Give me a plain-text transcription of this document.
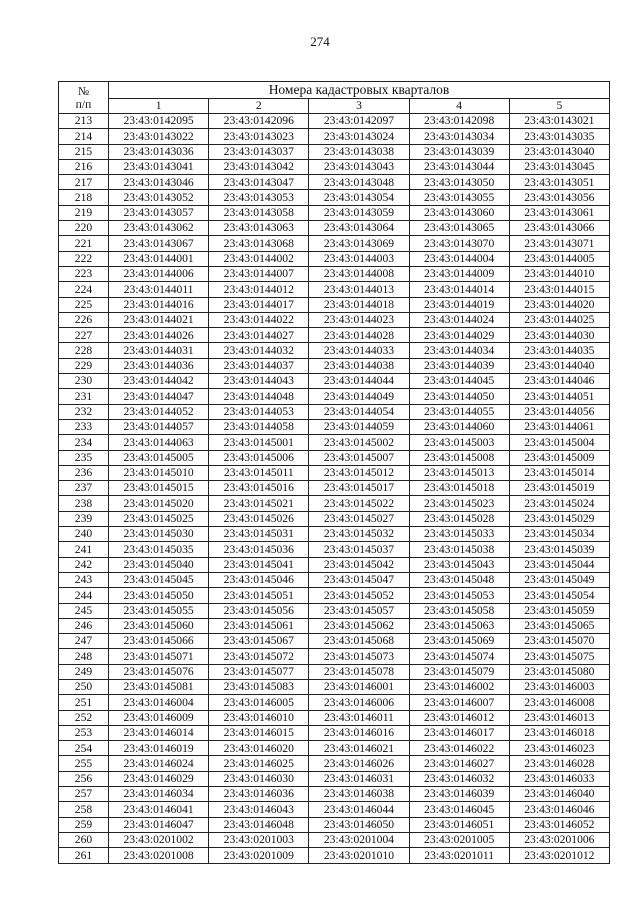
274
№
п/п	Номера кадастровых кварталов				
	1	2	3	4	5
213	23:43:0142095	23:43:0142096	23:43:0142097	23:43:0142098	23:43:0143021
214	23:43:0143022	23:43:0143023	23:43:0143024	23:43:0143034	23:43:0143035
215	23:43:0143036	23:43:0143037	23:43:0143038	23:43:0143039	23:43:0143040
216	23:43:0143041	23:43:0143042	23:43:0143043	23:43:0143044	23:43:0143045
217	23:43:0143046	23:43:0143047	23:43:0143048	23:43:0143050	23:43:0143051
218	23:43:0143052	23:43:0143053	23:43:0143054	23:43:0143055	23:43:0143056
219	23:43:0143057	23:43:0143058	23:43:0143059	23:43:0143060	23:43:0143061
220	23:43:0143062	23:43:0143063	23:43:0143064	23:43:0143065	23:43:0143066
221	23:43:0143067	23:43:0143068	23:43:0143069	23:43:0143070	23:43:0143071
222	23:43:0144001	23:43:0144002	23:43:0144003	23:43:0144004	23:43:0144005
223	23:43:0144006	23:43:0144007	23:43:0144008	23:43:0144009	23:43:0144010
224	23:43:0144011	23:43:0144012	23:43:0144013	23:43:0144014	23:43:0144015
225	23:43:0144016	23:43:0144017	23:43:0144018	23:43:0144019	23:43:0144020
226	23:43:0144021	23:43:0144022	23:43:0144023	23:43:0144024	23:43:0144025
227	23:43:0144026	23:43:0144027	23:43:0144028	23:43:0144029	23:43:0144030
228	23:43:0144031	23:43:0144032	23:43:0144033	23:43:0144034	23:43:0144035
229	23:43:0144036	23:43:0144037	23:43:0144038	23:43:0144039	23:43:0144040
230	23:43:0144042	23:43:0144043	23:43:0144044	23:43:0144045	23:43:0144046
231	23:43:0144047	23:43:0144048	23:43:0144049	23:43:0144050	23:43:0144051
232	23:43:0144052	23:43:0144053	23:43:0144054	23:43:0144055	23:43:0144056
233	23:43:0144057	23:43:0144058	23:43:0144059	23:43:0144060	23:43:0144061
234	23:43:0144063	23:43:0145001	23:43:0145002	23:43:0145003	23:43:0145004
235	23:43:0145005	23:43:0145006	23:43:0145007	23:43:0145008	23:43:0145009
236	23:43:0145010	23:43:0145011	23:43:0145012	23:43:0145013	23:43:0145014
237	23:43:0145015	23:43:0145016	23:43:0145017	23:43:0145018	23:43:0145019
238	23:43:0145020	23:43:0145021	23:43:0145022	23:43:0145023	23:43:0145024
239	23:43:0145025	23:43:0145026	23:43:0145027	23:43:0145028	23:43:0145029
240	23:43:0145030	23:43:0145031	23:43:0145032	23:43:0145033	23:43:0145034
241	23:43:0145035	23:43:0145036	23:43:0145037	23:43:0145038	23:43:0145039
242	23:43:0145040	23:43:0145041	23:43:0145042	23:43:0145043	23:43:0145044
243	23:43:0145045	23:43:0145046	23:43:0145047	23:43:0145048	23:43:0145049
244	23:43:0145050	23:43:0145051	23:43:0145052	23:43:0145053	23:43:0145054
245	23:43:0145055	23:43:0145056	23:43:0145057	23:43:0145058	23:43:0145059
246	23:43:0145060	23:43:0145061	23:43:0145062	23:43:0145063	23:43:0145065
247	23:43:0145066	23:43:0145067	23:43:0145068	23:43:0145069	23:43:0145070
248	23:43:0145071	23:43:0145072	23:43:0145073	23:43:0145074	23:43:0145075
249	23:43:0145076	23:43:0145077	23:43:0145078	23:43:0145079	23:43:0145080
250	23:43:0145081	23:43:0145083	23:43:0146001	23:43:0146002	23:43:0146003
251	23:43:0146004	23:43:0146005	23:43:0146006	23:43:0146007	23:43:0146008
252	23:43:0146009	23:43:0146010	23:43:0146011	23:43:0146012	23:43:0146013
253	23:43:0146014	23:43:0146015	23:43:0146016	23:43:0146017	23:43:0146018
254	23:43:0146019	23:43:0146020	23:43:0146021	23:43:0146022	23:43:0146023
255	23:43:0146024	23:43:0146025	23:43:0146026	23:43:0146027	23:43:0146028
256	23:43:0146029	23:43:0146030	23:43:0146031	23:43:0146032	23:43:0146033
257	23:43:0146034	23:43:0146036	23:43:0146038	23:43:0146039	23:43:0146040
258	23:43:0146041	23:43:0146043	23:43:0146044	23:43:0146045	23:43:0146046
259	23:43:0146047	23:43:0146048	23:43:0146050	23:43:0146051	23:43:0146052
260	23:43:0201002	23:43:0201003	23:43:0201004	23:43:0201005	23:43:0201006
261	23:43:0201008	23:43:0201009	23:43:0201010	23:43:0201011	23:43:0201012
